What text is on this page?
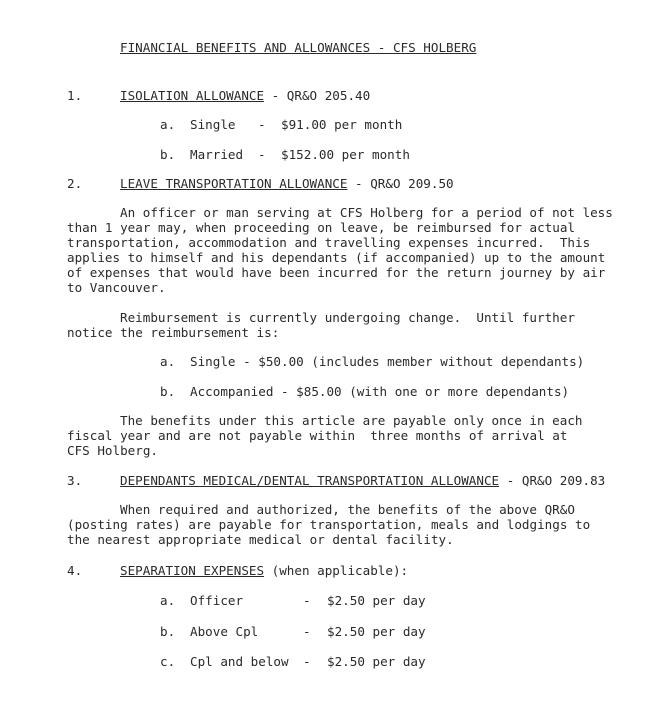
FINANCIAL BENEFITS AND ALLOWANCES - CFS HOLBERG
1.	ISOLATION ALLOWANCE - QR&O 205.40
a. Single - $91.00 per month
b. Married - $152.00 per month
2.	LEAVE TRANSPORTATION ALLOWANCE - QR&O 209.50
An officer or man serving at CFS Holberg for a period of not less
than 1 year may, when proceeding on leave, be reimbursed for actual
transportation, accommodation and travelling expenses incurred.  This
applies to himself and his dependants (if accompanied) up to the amount
of expenses that would have been incurred for the return journey by air
to Vancouver.
Reimbursement is currently undergoing change.  Until further
notice the reimbursement is:
a. Single - $50.00 (includes member without dependants)
b. Accompanied - $85.00 (with one or more dependants)
The benefits under this article are payable only once in each
fiscal year and are not payable within  three months of arrival at
CFS Holberg.
3.	DEPENDANTS MEDICAL/DENTAL TRANSPORTATION ALLOWANCE - QR&O 209.83
When required and authorized, the benefits of the above QR&O
(posting rates) are payable for transportation, meals and lodgings to
the nearest appropriate medical or dental facility.
4.	SEPARATION EXPENSES (when applicable):
a. Officer	- $2.50 per day
b. Above Cpl	- $2.50 per day
c. Cpl and below - $2.50 per day
